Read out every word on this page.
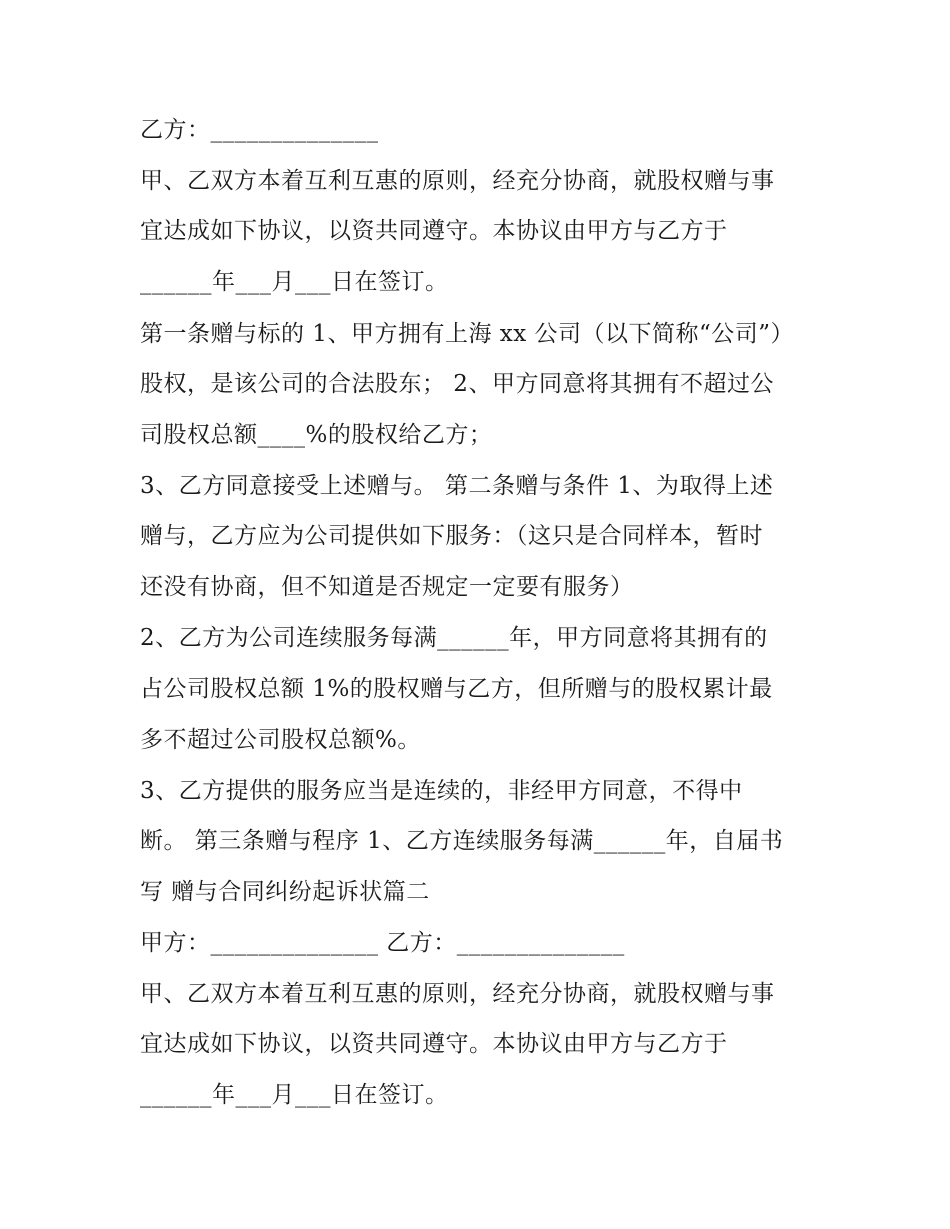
乙方：______________
甲、乙双方本着互利互惠的原则，经充分协商，就股权赠与事
宜达成如下协议，以资共同遵守。本协议由甲方与乙方于
______年___月___日在签订。
第一条赠与标的 1、甲方拥有上海 xx 公司（以下简称“公司”）
股权，是该公司的合法股东； 2、甲方同意将其拥有不超过公
司股权总额____%的股权给乙方；
3、乙方同意接受上述赠与。 第二条赠与条件 1、为取得上述
赠与，乙方应为公司提供如下服务：（这只是合同样本，暂时
还没有协商，但不知道是否规定一定要有服务）
2、乙方为公司连续服务每满______年，甲方同意将其拥有的
占公司股权总额 1%的股权赠与乙方，但所赠与的股权累计最
多不超过公司股权总额%。
3、乙方提供的服务应当是连续的，非经甲方同意，不得中
断。 第三条赠与程序 1、乙方连续服务每满______年，自届书
写 赠与合同纠纷起诉状篇二
甲方：______________ 乙方：______________
甲、乙双方本着互利互惠的原则，经充分协商，就股权赠与事
宜达成如下协议，以资共同遵守。本协议由甲方与乙方于
______年___月___日在签订。
